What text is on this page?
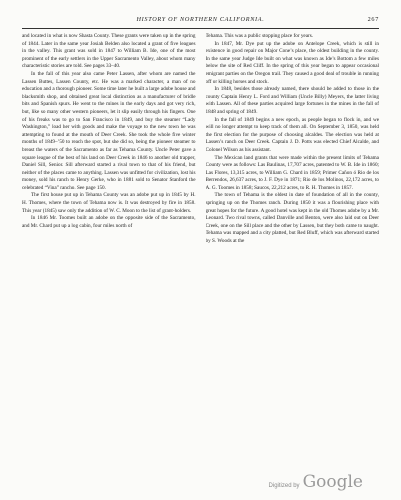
HISTORY OF NORTHERN CALIFORNIA.	267

and located in what is now Shasta County. These grants were taken up in the spring of 1844. Later in the same year Josiah Belden also located a grant of five leagues in the valley. This grant was sold in 1847 to William B. Ide, one of the most prominent of the early settlers in the Upper Sacramento Valley, about whom many characteristic stories are told. See pages 33–40.

In the fall of this year also came Peter Lassen, after whom are named the Lassen Buttes, Lassen County, etc. He was a marked character, a man of no education and a thorough pioneer. Some time later he built a large adobe house and blacksmith shop, and obtained great local distinction as a manufacturer of bridle bits and Spanish spurs. He went to the mines in the early days and got very rich, but, like so many other western pioneers, let it slip easily through his fingers. One of his freaks was to go to San Francisco in 1849, and buy the steamer “Lady Washington,” load her with goods and make the voyage to the new town he was attempting to found at the mouth of Deer Creek. She took the whole five winter months of 1849–’50 to reach the spot, but she did so, being the pioneer steamer to breast the waters of the Sacramento as far as Tehama County. Uncle Peter gave a square league of the best of his land on Deer Creek in 1846 to another old trapper, Daniel Sill, Senior. Sill afterward started a rival town to that of his friend, but neither of the places came to anything. Lassen was unfitted for civilization, lost his money, sold his ranch to Henry Gerke, who in 1881 sold to Senator Stanford the celebrated “Vina” rancho. See page 150.

The first house put up in Tehama County was an adobe put up in 1845 by H. H. Thomes, where the town of Tehama now is. It was destroyed by fire in 1858. This year (1845) saw only the addition of W. C. Moon to the list of grant-holders.

In 1846 Mr. Toomes built an adobe on the opposite side of the Sacramento, and Mr. Chard put up a log cabin, four miles north of

Tehama. This was a public stopping place for years.

In 1847, Mr. Dye put up the adobe on Antelope Creek, which is still in existence in good repair on Major Cone’s place, the oldest building in the county. In the same year Judge Ide built on what was known as Ide’s Bottom a few miles below the site of Red Cliff. In the spring of this year began to appear occasional emigrant parties on the Oregon trail. They caused a good deal of trouble in running off or killing horses and stock.

In 1848, besides those already named, there should be added to those in the county Captain Henry L. Ford and William (Uncle Billy) Meyers, the latter living with Lassen. All of these parties acquired large fortunes in the mines in the fall of 1848 and spring of 1849.

In the fall of 1849 begins a new epoch, as people began to flock in, and we will no longer attempt to keep track of them all. On September 3, 1850, was held the first election for the purpose of choosing alcaldes. The election was held at Lassen’s ranch on Deer Creek. Captain J. D. Potts was elected Chief Alcalde, and Colonel Wilson as his assistant.

The Mexican land grants that were made within the present limits of Tehama County were as follows: Las Baulinas, 17,707 acres, patented to W. B. Ide in 1860; Las Flores, 13,315 acres, to William G. Chard in 1859; Primer Cañon ó Rio de los Berrendos, 26,637 acres, to J. F. Dye in 1871; Rio de los Molinos, 22,172 acres, to A. G. Toomes in 1858; Saucos, 22,212 acres, to R. H. Thomes in 1857.

The town of Tehama is the oldest in date of foundation of all in the county, springing up on the Thomes ranch. During 1850 it was a flourishing place with great hopes for the future. A good hotel was kept in the old Thomes adobe by a Mr. Leonard. Two rival towns, called Danville and Benton, were also laid out on Deer Creek, one on the Sill place and the other by Lassen, but they both came to naught. Tehama was mapped and a city platted, but Red Bluff, which was afterward started by S. Woods at the

Digitized by Google
